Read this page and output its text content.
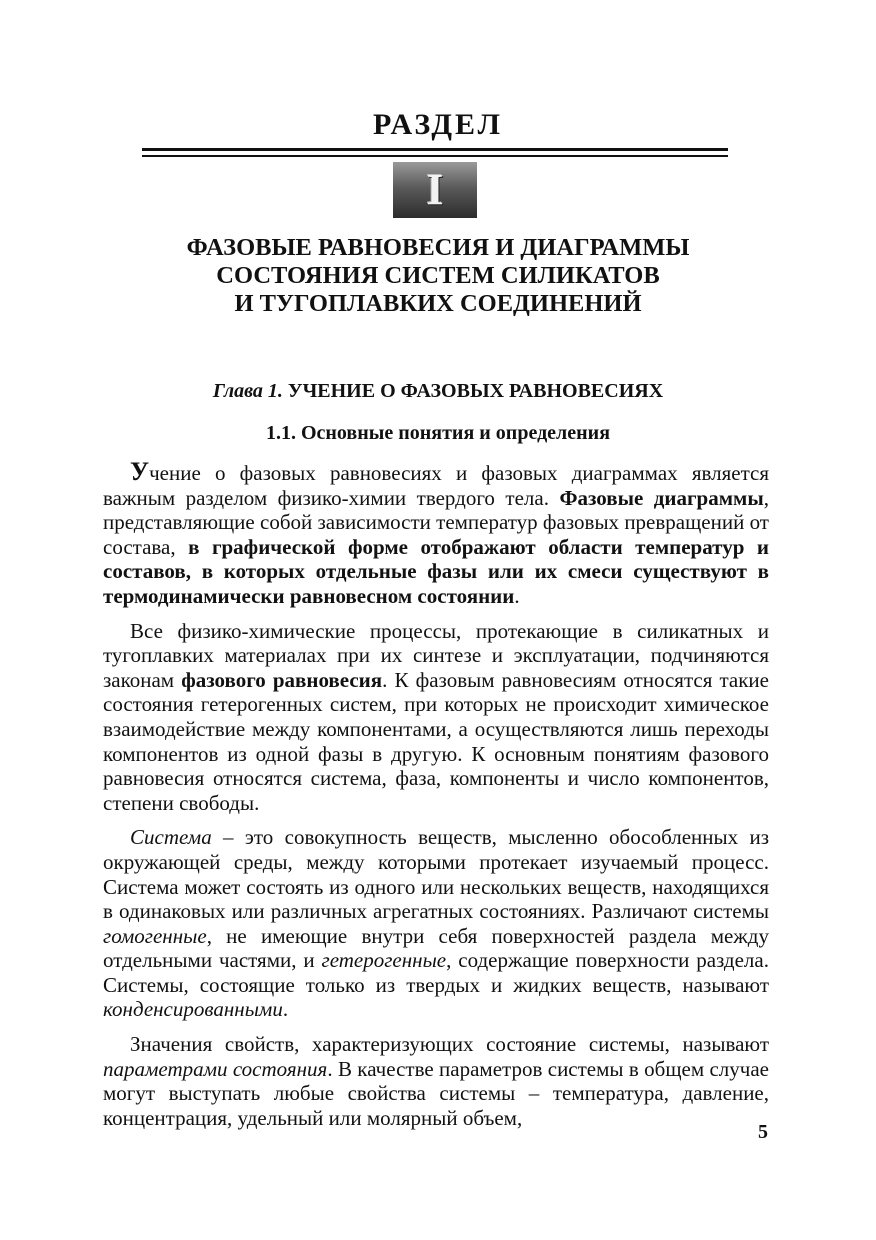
РАЗДЕЛ
I
ФАЗОВЫЕ РАВНОВЕСИЯ И ДИАГРАММЫ
СОСТОЯНИЯ СИСТЕМ СИЛИКАТОВ
И ТУГОПЛАВКИХ СОЕДИНЕНИЙ
Глава 1. УЧЕНИЕ О ФАЗОВЫХ РАВНОВЕСИЯХ
1.1. Основные понятия и определения

Учение о фазовых равновесиях и фазовых диаграммах является важным разделом физико-химии твердого тела. Фазовые диаграммы, представляющие собой зависимости температур фазовых превращений от состава, в графической форме отображают области температур и составов, в которых отдельные фазы или их смеси существуют в термодинамически равновесном состоянии.

Все физико-химические процессы, протекающие в силикатных и тугоплавких материалах при их синтезе и эксплуатации, подчиняются законам фазового равновесия. К фазовым равновесиям относятся такие состояния гетерогенных систем, при которых не происходит химическое взаимодействие между компонентами, а осуществляются лишь переходы компонентов из одной фазы в другую. К основным понятиям фазового равновесия относятся система, фаза, компоненты и число компонентов, степени свободы.

Система – это совокупность веществ, мысленно обособленных из окружающей среды, между которыми протекает изучаемый процесс. Система может состоять из одного или нескольких веществ, находящихся в одинаковых или различных агрегатных состояниях. Различают системы гомогенные, не имеющие внутри себя поверхностей раздела между отдельными частями, и гетерогенные, содержащие поверхности раздела. Системы, состоящие только из твердых и жидких веществ, называют конденсированными.

Значения свойств, характеризующих состояние системы, называют параметрами состояния. В качестве параметров системы в общем случае могут выступать любые свойства системы – температура, давление, концентрация, удельный или молярный объем,

5
